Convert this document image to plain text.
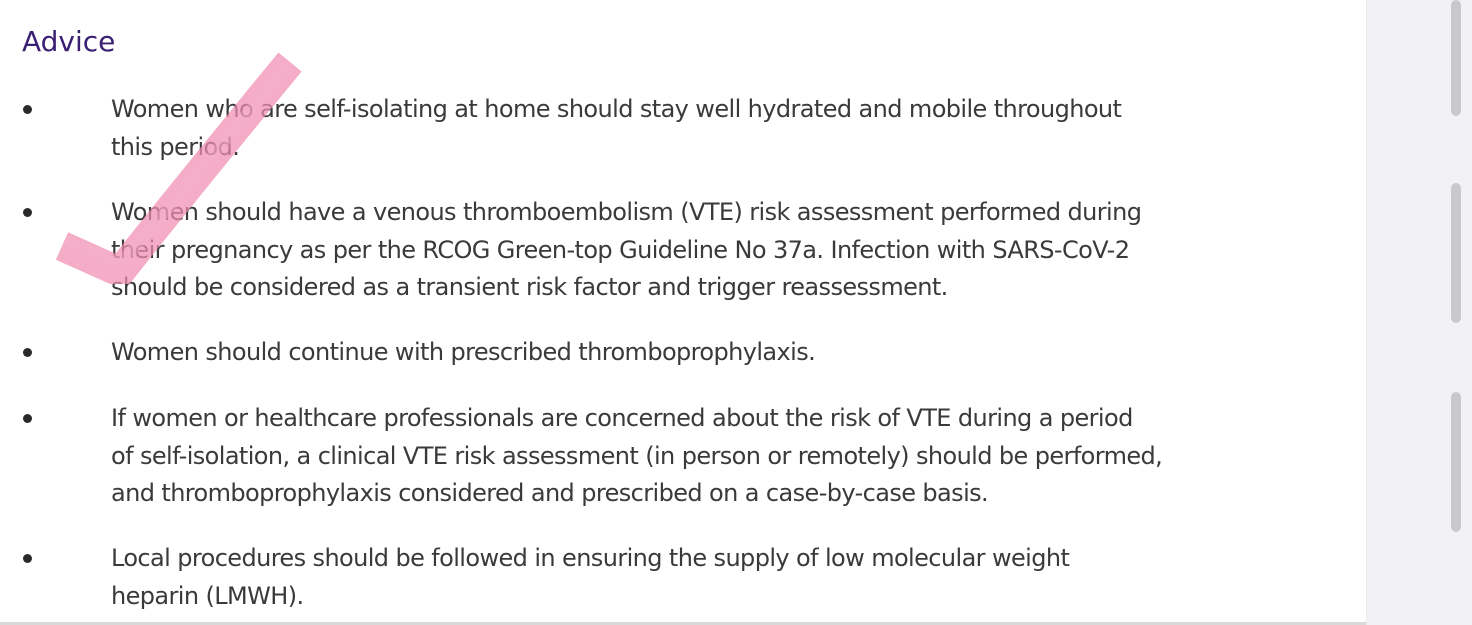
Advice
Women who are self-isolating at home should stay well hydrated and mobile throughout
this period.
Women should have a venous thromboembolism (VTE) risk assessment performed during
their pregnancy as per the RCOG Green-top Guideline No 37a. Infection with SARS-CoV-2
should be considered as a transient risk factor and trigger reassessment.
Women should continue with prescribed thromboprophylaxis.
If women or healthcare professionals are concerned about the risk of VTE during a period
of self-isolation, a clinical VTE risk assessment (in person or remotely) should be performed,
and thromboprophylaxis considered and prescribed on a case-by-case basis.
Local procedures should be followed in ensuring the supply of low molecular weight
heparin (LMWH).
